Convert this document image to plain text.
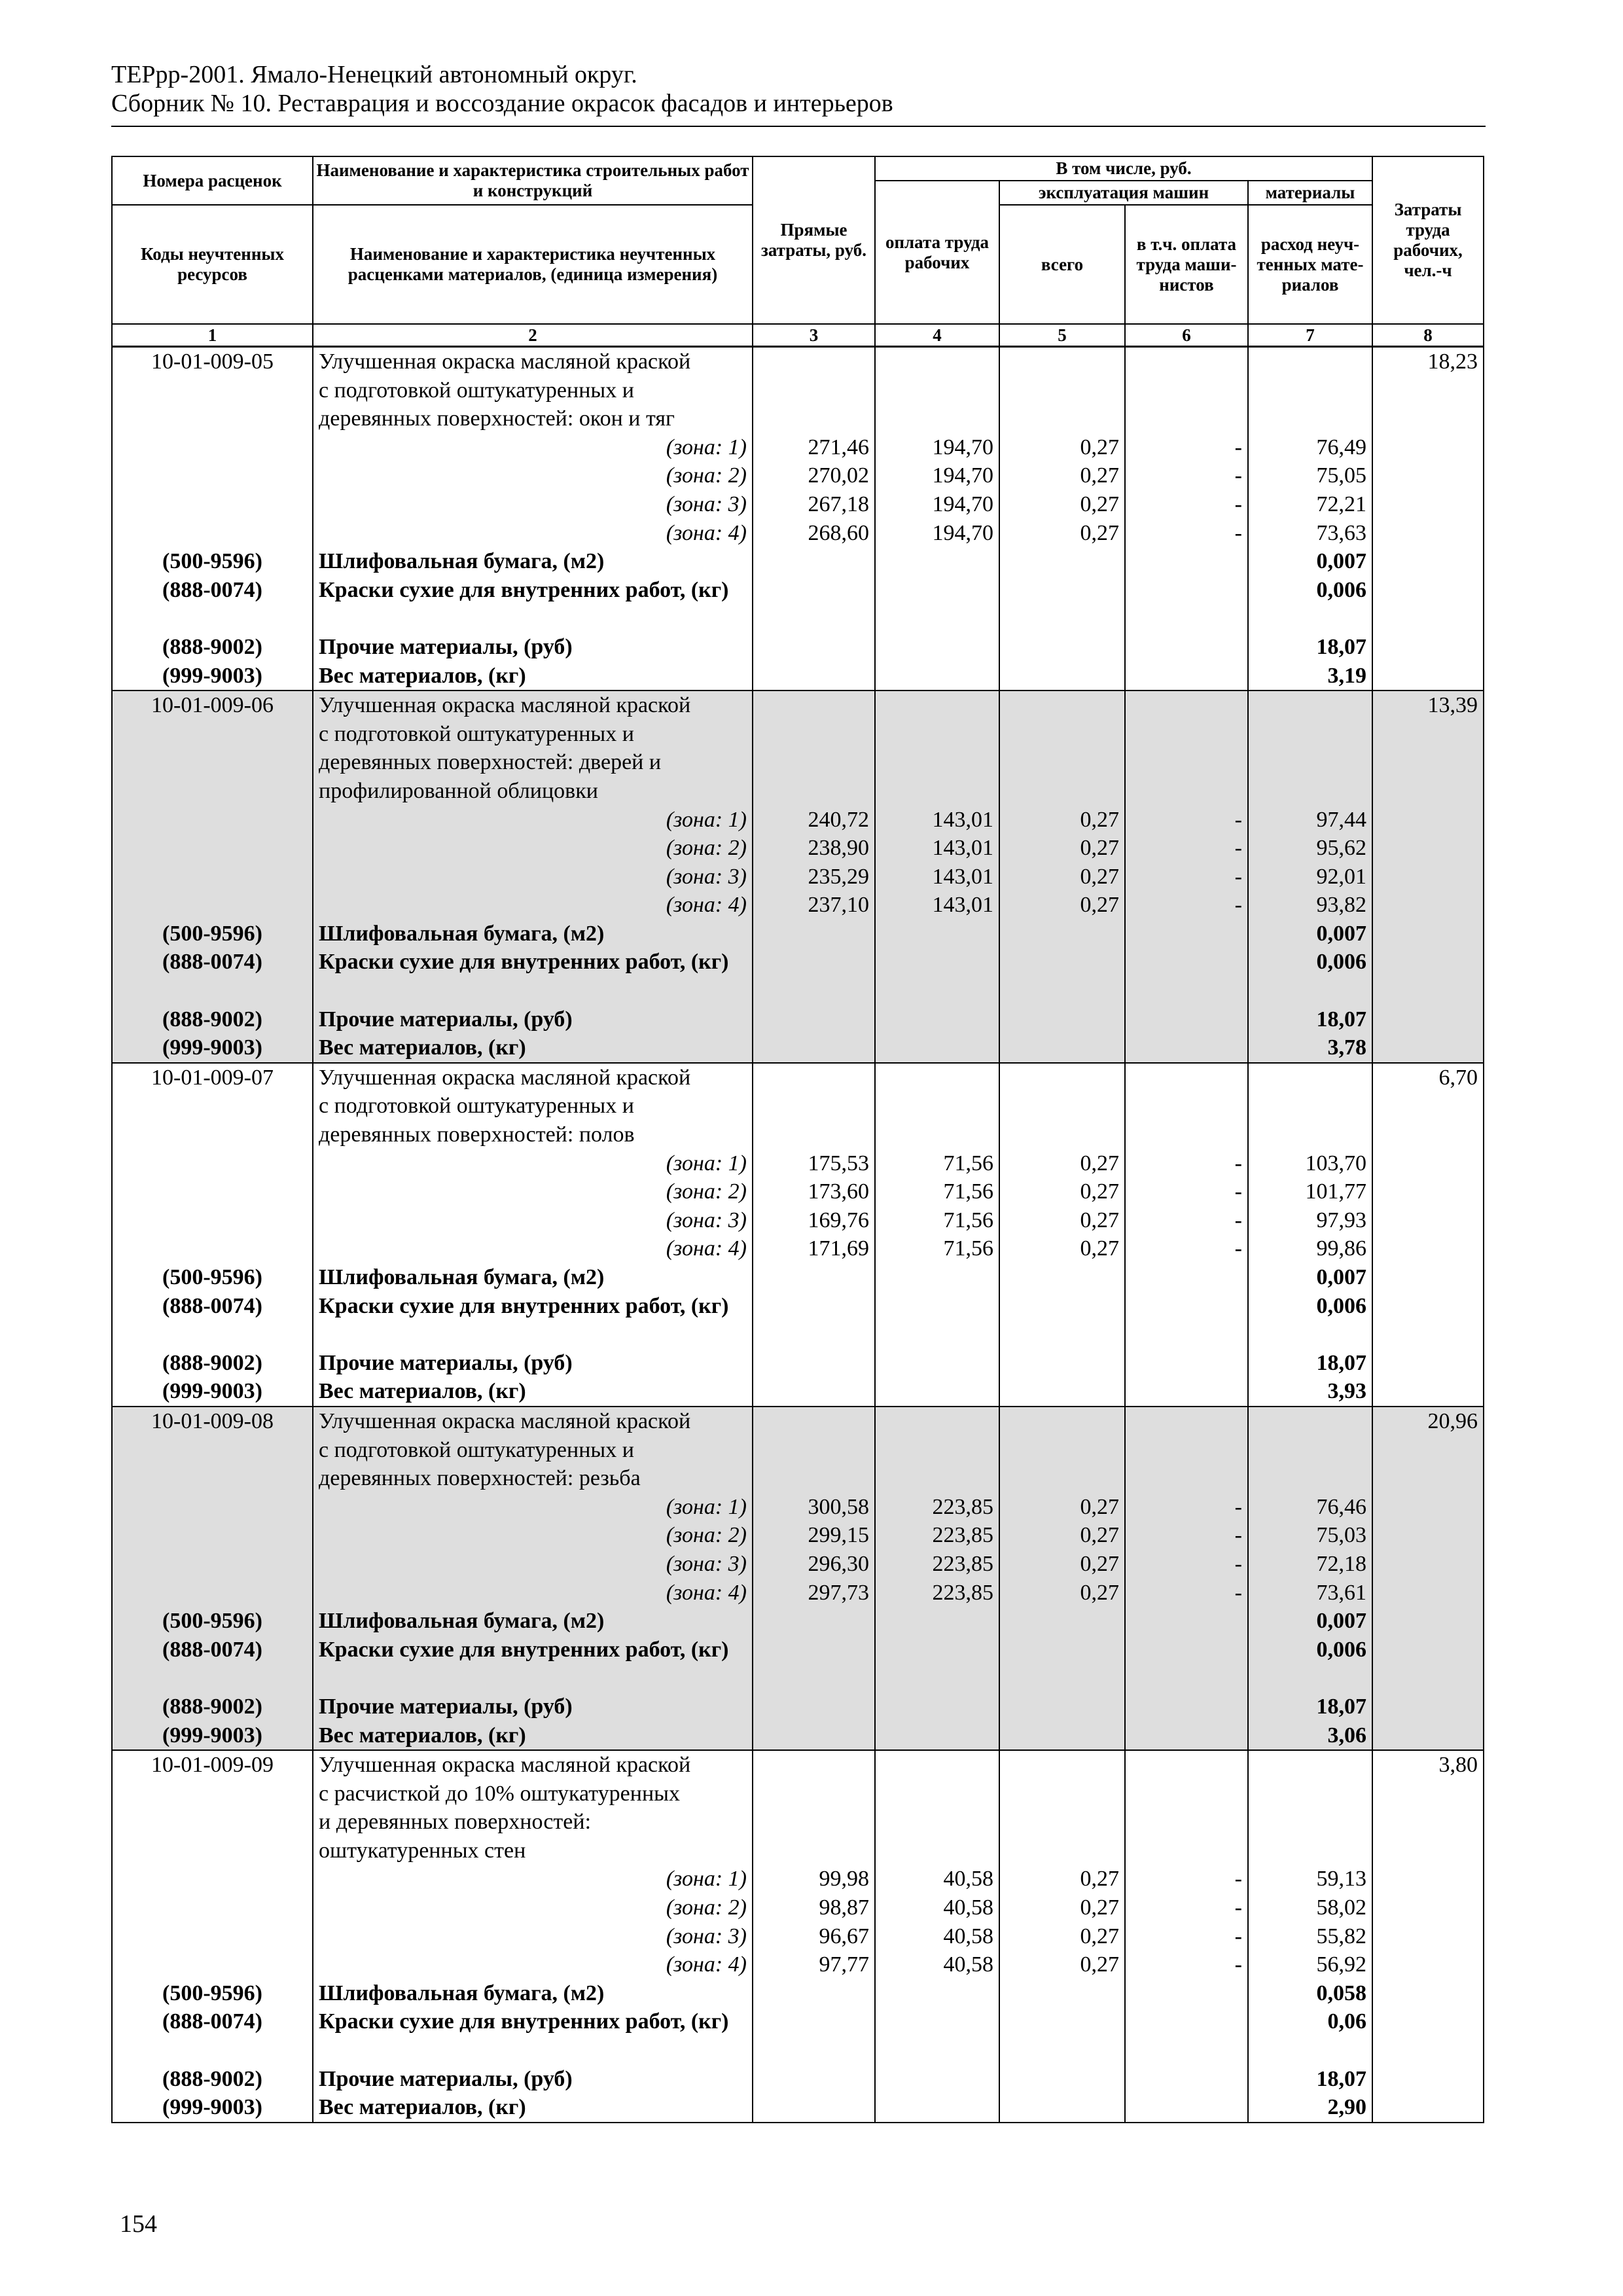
ТЕРрр-2001. Ямало-Ненецкий автономный округ.
Сборник № 10. Реставрация и воссоздание окрасок фасадов и интерьеров
Номера расценок	Наименование и характеристика строительных работ и конструкций	Прямые затраты, руб.	В том числе, руб.				Затраты труда рабочих, чел.-ч
			оплата труда рабочих	эксплуатация машин		материалы	
Коды неучтенных ресурсов	Наименование и характеристика неучтенных расценками материалов, (единица измерения)			всего	в т.ч. оплата труда маши-нистов	расход неуч-тенных мате-риалов	

1	2	3	4	5	6	7	8
10-01-009-05	Улучшенная окраска масляной краской						18,23
	с подготовкой оштукатуренных и						
	деревянных поверхностей: окон и тяг						
	(зона: 1)	271,46	194,70	0,27	-	76,49	
	(зона: 2)	270,02	194,70	0,27	-	75,05	
	(зона: 3)	267,18	194,70	0,27	-	72,21	
	(зона: 4)	268,60	194,70	0,27	-	73,63	
(500-9596)	Шлифовальная бумага, (м2)					0,007	
(888-0074)	Краски сухие для внутренних работ, (кг)					0,006	
(888-9002)	Прочие материалы, (руб)					18,07	
(999-9003)	Вес материалов, (кг)					3,19	
10-01-009-06	Улучшенная окраска масляной краской						13,39
	с подготовкой оштукатуренных и						
	деревянных поверхностей: дверей и						
	профилированной облицовки						
	(зона: 1)	240,72	143,01	0,27	-	97,44	
	(зона: 2)	238,90	143,01	0,27	-	95,62	
	(зона: 3)	235,29	143,01	0,27	-	92,01	
	(зона: 4)	237,10	143,01	0,27	-	93,82	
(500-9596)	Шлифовальная бумага, (м2)					0,007	
(888-0074)	Краски сухие для внутренних работ, (кг)					0,006	
(888-9002)	Прочие материалы, (руб)					18,07	
(999-9003)	Вес материалов, (кг)					3,78	
10-01-009-07	Улучшенная окраска масляной краской						6,70
	с подготовкой оштукатуренных и						
	деревянных поверхностей: полов						
	(зона: 1)	175,53	71,56	0,27	-	103,70	
	(зона: 2)	173,60	71,56	0,27	-	101,77	
	(зона: 3)	169,76	71,56	0,27	-	97,93	
	(зона: 4)	171,69	71,56	0,27	-	99,86	
(500-9596)	Шлифовальная бумага, (м2)					0,007	
(888-0074)	Краски сухие для внутренних работ, (кг)					0,006	
(888-9002)	Прочие материалы, (руб)					18,07	
(999-9003)	Вес материалов, (кг)					3,93	
10-01-009-08	Улучшенная окраска масляной краской						20,96
	с подготовкой оштукатуренных и						
	деревянных поверхностей: резьба						
	(зона: 1)	300,58	223,85	0,27	-	76,46	
	(зона: 2)	299,15	223,85	0,27	-	75,03	
	(зона: 3)	296,30	223,85	0,27	-	72,18	
	(зона: 4)	297,73	223,85	0,27	-	73,61	
(500-9596)	Шлифовальная бумага, (м2)					0,007	
(888-0074)	Краски сухие для внутренних работ, (кг)					0,006	
(888-9002)	Прочие материалы, (руб)					18,07	
(999-9003)	Вес материалов, (кг)					3,06	
10-01-009-09	Улучшенная окраска масляной краской						3,80
	с расчисткой до 10% оштукатуренных						
	и деревянных поверхностей:						
	оштукатуренных стен						
	(зона: 1)	99,98	40,58	0,27	-	59,13	
	(зона: 2)	98,87	40,58	0,27	-	58,02	
	(зона: 3)	96,67	40,58	0,27	-	55,82	
	(зона: 4)	97,77	40,58	0,27	-	56,92	
(500-9596)	Шлифовальная бумага, (м2)					0,058	
(888-0074)	Краски сухие для внутренних работ, (кг)					0,06	
(888-9002)	Прочие материалы, (руб)					18,07	
(999-9003)	Вес материалов, (кг)					2,90	
154
